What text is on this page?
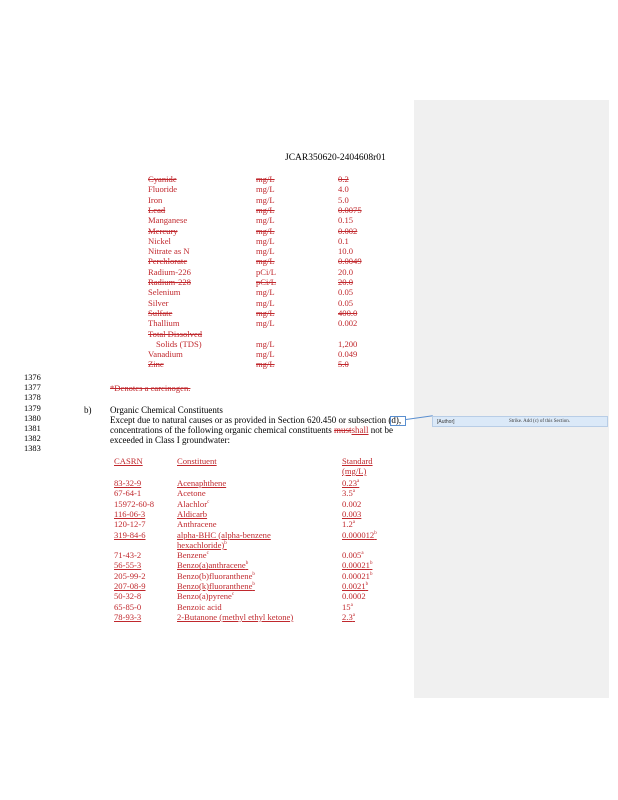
JCAR350620-2404608r01
Cyanide	mg/L	0.2
Fluoride	mg/L	4.0
Iron	mg/L	5.0
Lead	mg/L	0.0075
Manganese	mg/L	0.15
Mercury	mg/L	0.002
Nickel	mg/L	0.1
Nitrate as N	mg/L	10.0
Perchlorate	mg/L	0.0049
Radium-226	pCi/L	20.0
Radium-228	pCi/L	20.0
Selenium	mg/L	0.05
Silver	mg/L	0.05
Sulfate	mg/L	400.0
Thallium	mg/L	0.002
Total Dissolved
Solids (TDS)	mg/L	1,200
Vanadium	mg/L	0.049
Zinc	mg/L	5.0
1376
1377
1378
1379
1380
1381
1382
1383
*Denotes a carcinogen.
b) Organic Chemical Constituents
Except due to natural causes or as provided in Section 620.450 or subsection (d),
concentrations of the following organic chemical constituents mustshall not be
exceeded in Class I groundwater:
[Author]	Strike. Add (c) of this Section.
CASRN	Constituent	Standard
(mg/L)
83-32-9	Acenaphthene	0.23$^a$
67-64-1	Acetone	3.5$^a$
15972-60-8	Alachlor$^c$	0.002
116-06-3	Aldicarb	0.003
120-12-7	Anthracene	1.2$^a$
319-84-6	alpha-BHC (alpha-benzene	0.000012$^b$
hexachloride)$^b$
71-43-2	Benzene$^c$	0.005$^a$
56-55-3	Benzo(a)anthracene$^b$	0.00021$^b$
205-99-2	Benzo(b)fluoranthene$^b$	0.00021$^b$
207-08-9	Benzo(k)fluoranthene$^b$	0.0021$^b$
50-32-8	Benzo(a)pyrene$^c$	0.0002
65-85-0	Benzoic acid	15$^a$
78-93-3	2-Butanone (methyl ethyl ketone)	2.3$^a$
